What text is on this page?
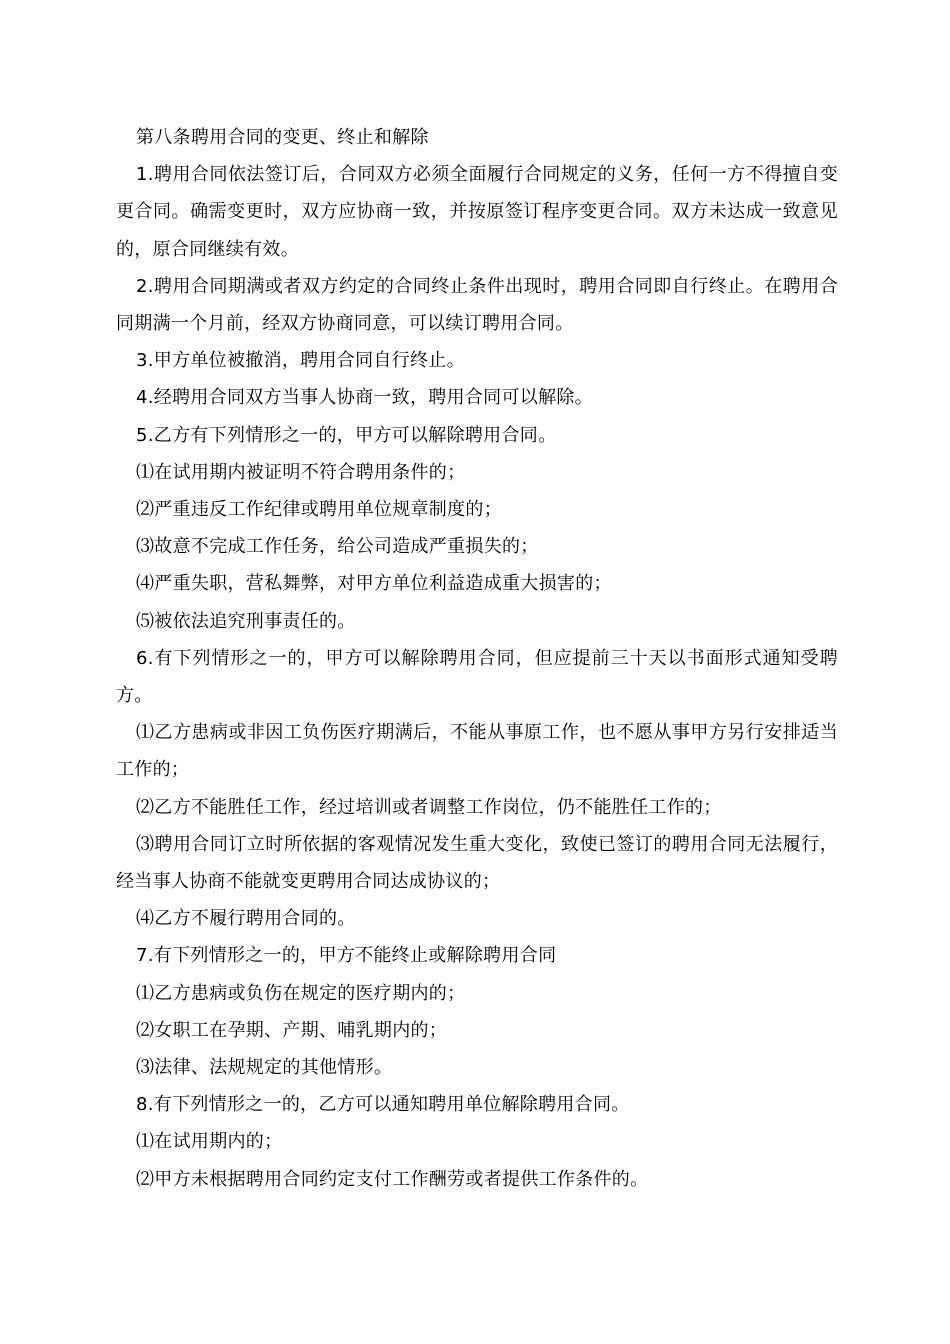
第八条聘用合同的变更、终止和解除

1.聘用合同依法签订后，合同双方必须全面履行合同规定的义务，任何一方不得擅自变更合同。确需变更时，双方应协商一致，并按原签订程序变更合同。双方未达成一致意见的，原合同继续有效。

2.聘用合同期满或者双方约定的合同终止条件出现时，聘用合同即自行终止。在聘用合同期满一个月前，经双方协商同意，可以续订聘用合同。

3.甲方单位被撤消，聘用合同自行终止。

4.经聘用合同双方当事人协商一致，聘用合同可以解除。

5.乙方有下列情形之一的，甲方可以解除聘用合同。

⑴在试用期内被证明不符合聘用条件的；

⑵严重违反工作纪律或聘用单位规章制度的；

⑶故意不完成工作任务，给公司造成严重损失的；

⑷严重失职，营私舞弊，对甲方单位利益造成重大损害的；

⑸被依法追究刑事责任的。

6.有下列情形之一的，甲方可以解除聘用合同，但应提前三十天以书面形式通知受聘方。

⑴乙方患病或非因工负伤医疗期满后，不能从事原工作，也不愿从事甲方另行安排适当工作的；

⑵乙方不能胜任工作，经过培训或者调整工作岗位，仍不能胜任工作的；

⑶聘用合同订立时所依据的客观情况发生重大变化，致使已签订的聘用合同无法履行，经当事人协商不能就变更聘用合同达成协议的；

⑷乙方不履行聘用合同的。

7.有下列情形之一的，甲方不能终止或解除聘用合同

⑴乙方患病或负伤在规定的医疗期内的；

⑵女职工在孕期、产期、哺乳期内的；

⑶法律、法规规定的其他情形。

8.有下列情形之一的，乙方可以通知聘用单位解除聘用合同。

⑴在试用期内的；

⑵甲方未根据聘用合同约定支付工作酬劳或者提供工作条件的。
